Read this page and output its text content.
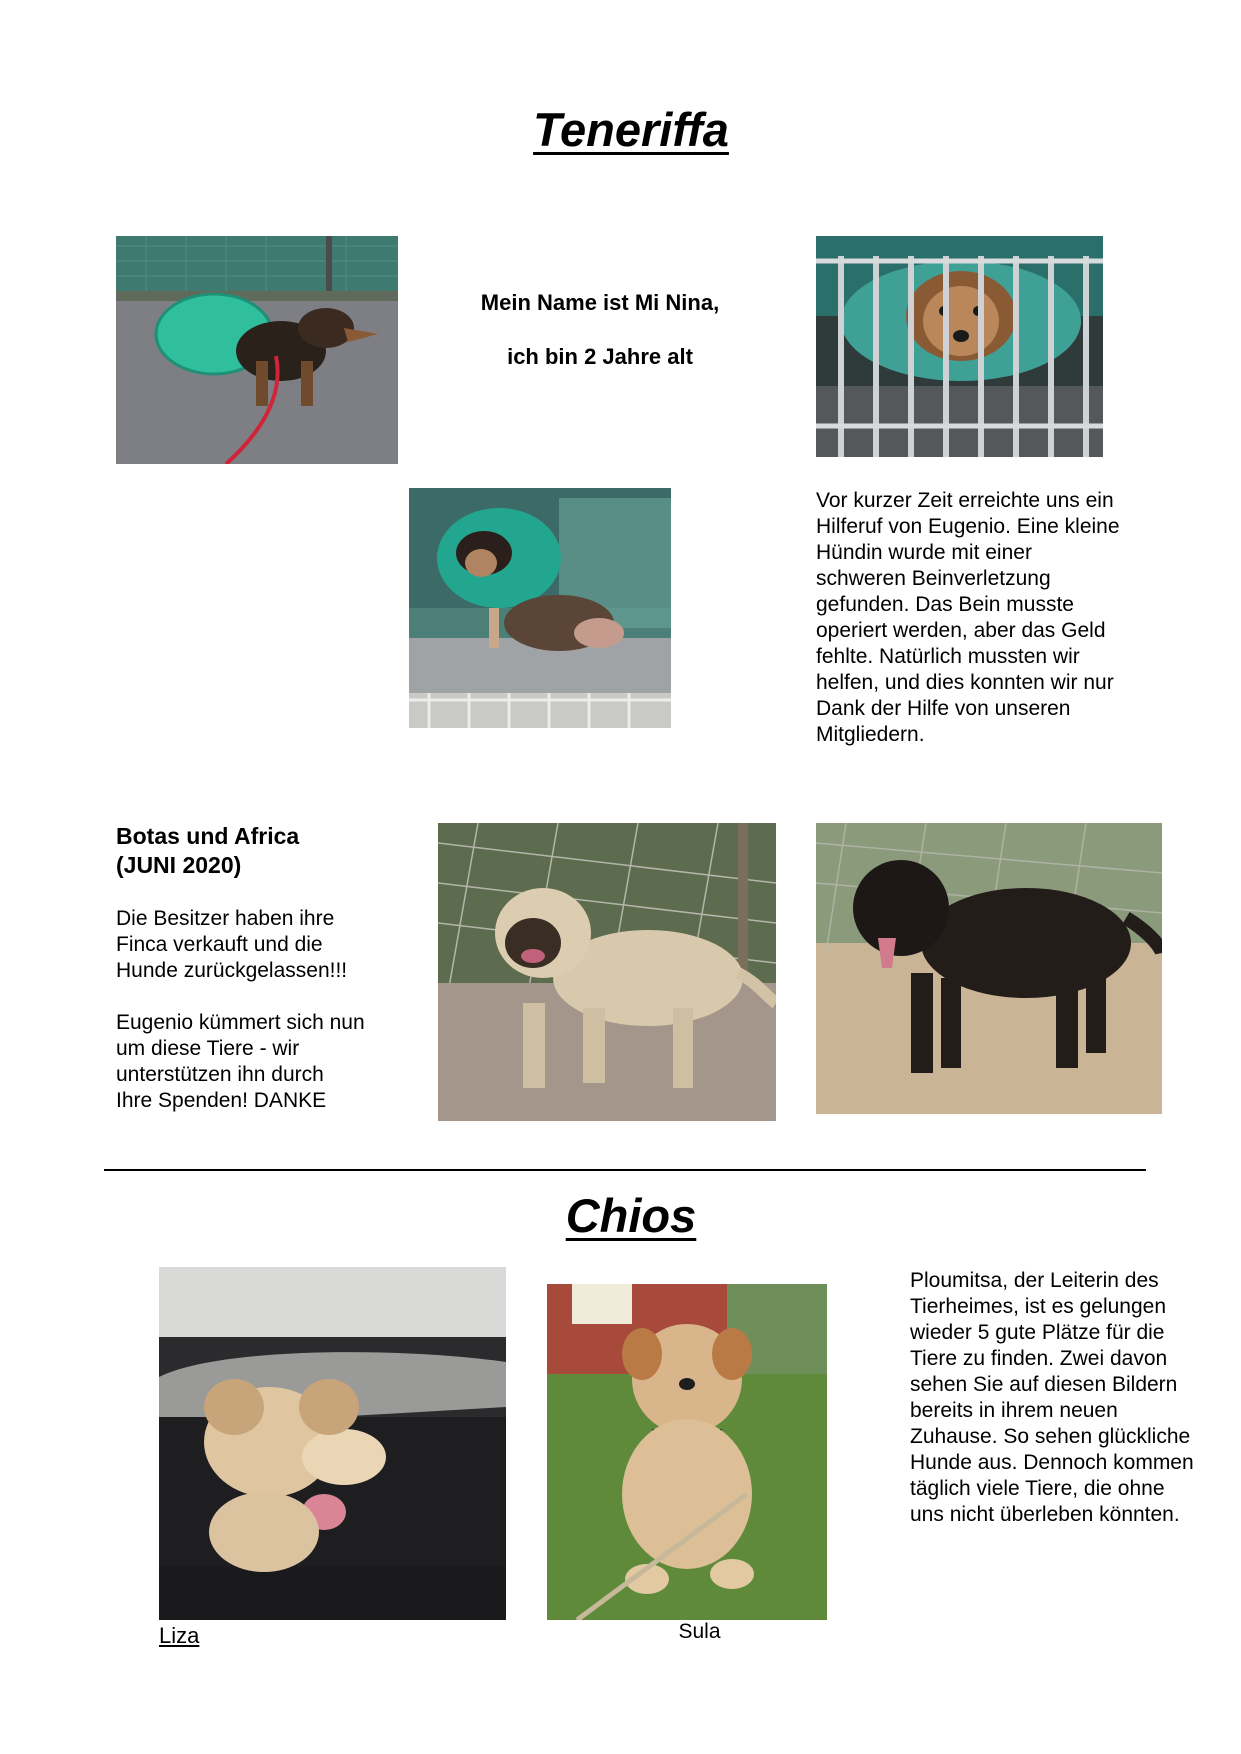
Teneriffa
Mein Name ist Mi Nina,
ich bin 2 Jahre alt
Vor kurzer Zeit erreichte uns ein
Hilferuf von Eugenio. Eine kleine
Hündin wurde mit einer
schweren Beinverletzung
gefunden. Das Bein musste
operiert werden, aber das Geld
fehlte. Natürlich mussten wir
helfen, und dies konnten wir nur
Dank der Hilfe von unseren
Mitgliedern.
Botas und Africa
(JUNI 2020)
Die Besitzer haben ihre
Finca verkauft und die
Hunde zurückgelassen!!!
Eugenio kümmert sich nun
um diese Tiere - wir
unterstützen ihn durch
Ihre Spenden! DANKE
Chios
Liza	Sula
Ploumitsa, der Leiterin des
Tierheimes, ist es gelungen
wieder 5 gute Plätze für die
Tiere zu finden. Zwei davon
sehen Sie auf diesen Bildern
bereits in ihrem neuen
Zuhause. So sehen glückliche
Hunde aus. Dennoch kommen
täglich viele Tiere, die ohne
uns nicht überleben könnten.
